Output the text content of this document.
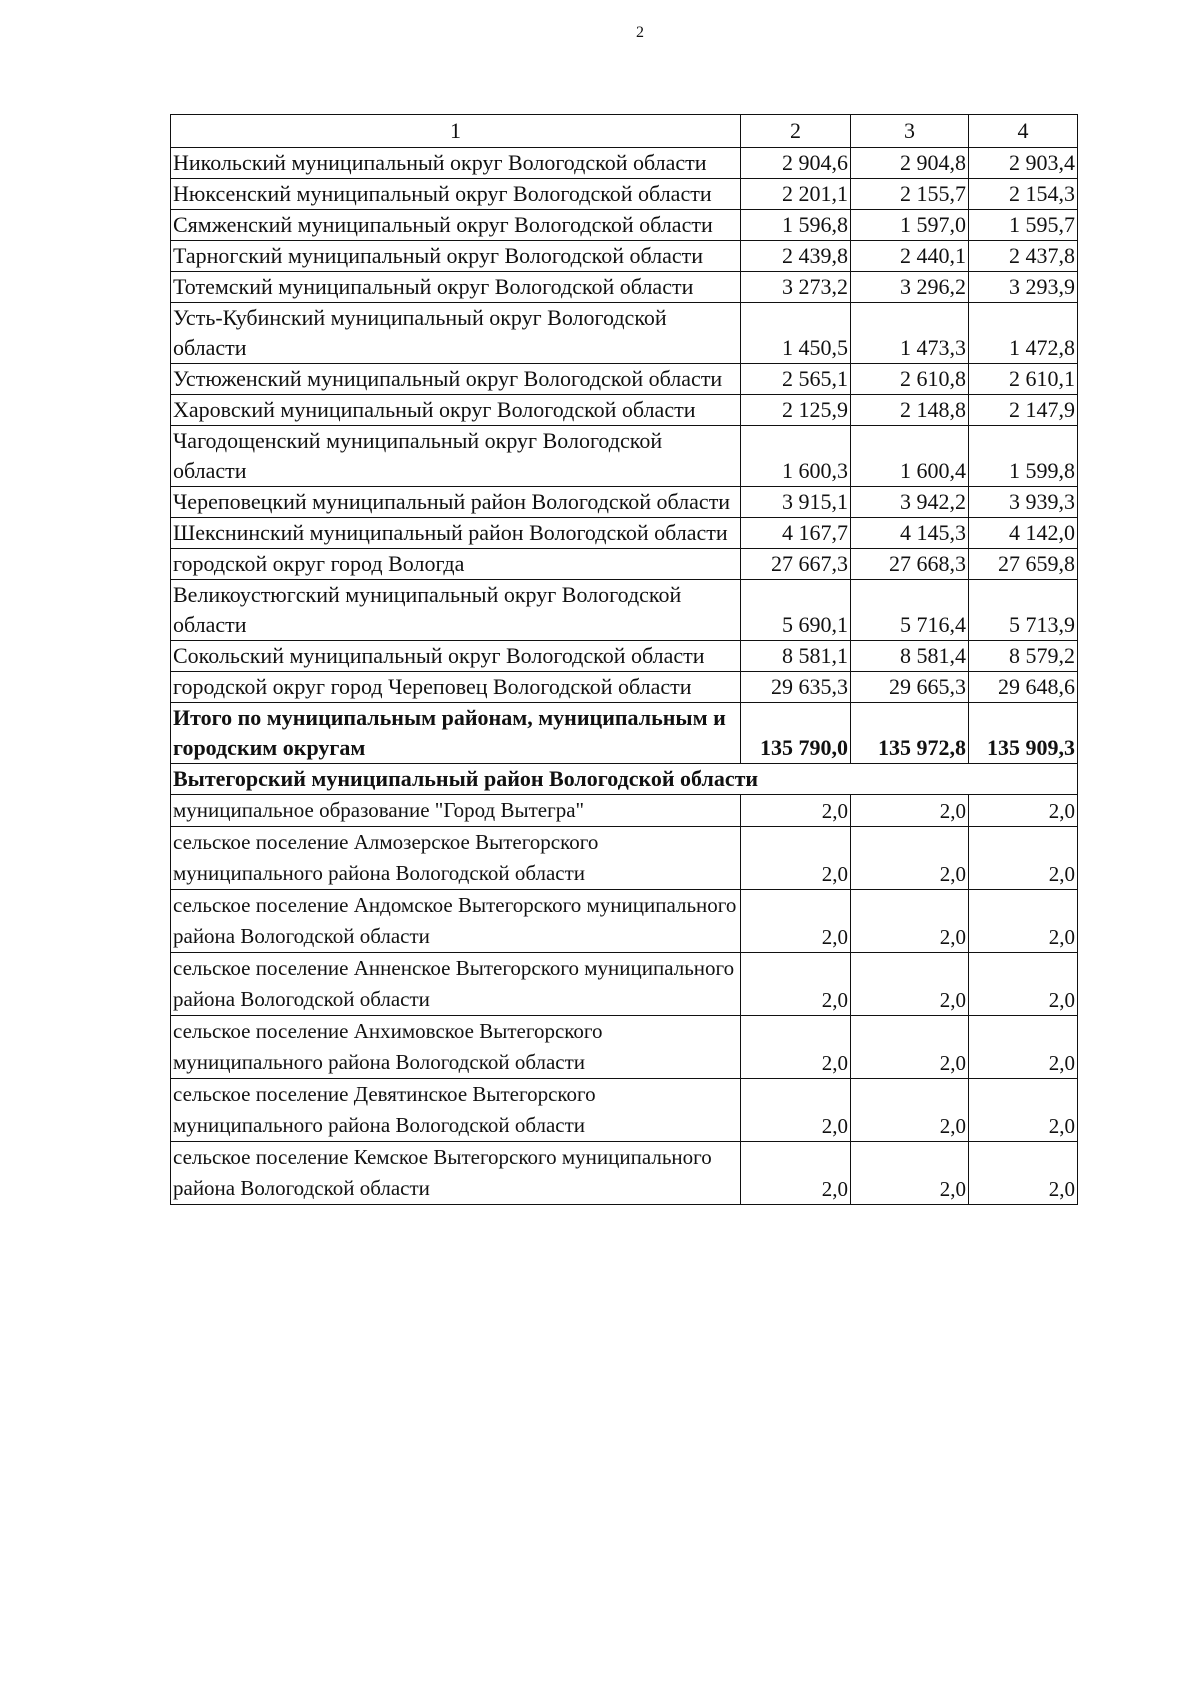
2
1	2	3	4
Никольский муниципальный округ Вологодской области	2 904,6	2 904,8	2 903,4
Нюксенский муниципальный округ Вологодской области	2 201,1	2 155,7	2 154,3
Сямженский муниципальный округ Вологодской области	1 596,8	1 597,0	1 595,7
Тарногский муниципальный округ Вологодской области	2 439,8	2 440,1	2 437,8
Тотемский муниципальный округ Вологодской области	3 273,2	3 296,2	3 293,9
Усть-Кубинский муниципальный округ Вологодской области	1 450,5	1 473,3	1 472,8
Устюженский муниципальный округ Вологодской области	2 565,1	2 610,8	2 610,1
Харовский муниципальный округ Вологодской области	2 125,9	2 148,8	2 147,9
Чагодощенский муниципальный округ Вологодской области	1 600,3	1 600,4	1 599,8
Череповецкий муниципальный район Вологодской области	3 915,1	3 942,2	3 939,3
Шекснинский муниципальный район Вологодской области	4 167,7	4 145,3	4 142,0
городской округ город Вологда	27 667,3	27 668,3	27 659,8
Великоустюгский муниципальный округ Вологодской области	5 690,1	5 716,4	5 713,9
Сокольский муниципальный округ Вологодской области	8 581,1	8 581,4	8 579,2
городской округ город Череповец Вологодской области	29 635,3	29 665,3	29 648,6
Итого по муниципальным районам, муниципальным и городским округам	135 790,0	135 972,8	135 909,3
Вытегорский муниципальный район Вологодской области			
муниципальное образование "Город Вытегра"	2,0	2,0	2,0
сельское поселение Алмозерское Вытегорского муниципального района Вологодской области	2,0	2,0	2,0
сельское поселение Андомское Вытегорского муниципального района Вологодской области	2,0	2,0	2,0
сельское поселение Анненское Вытегорского муниципального района Вологодской области	2,0	2,0	2,0
сельское поселение Анхимовское Вытегорского муниципального района Вологодской области	2,0	2,0	2,0
сельское поселение Девятинское Вытегорского муниципального района Вологодской области	2,0	2,0	2,0
сельское поселение Кемское Вытегорского муниципального района Вологодской области	2,0	2,0	2,0
